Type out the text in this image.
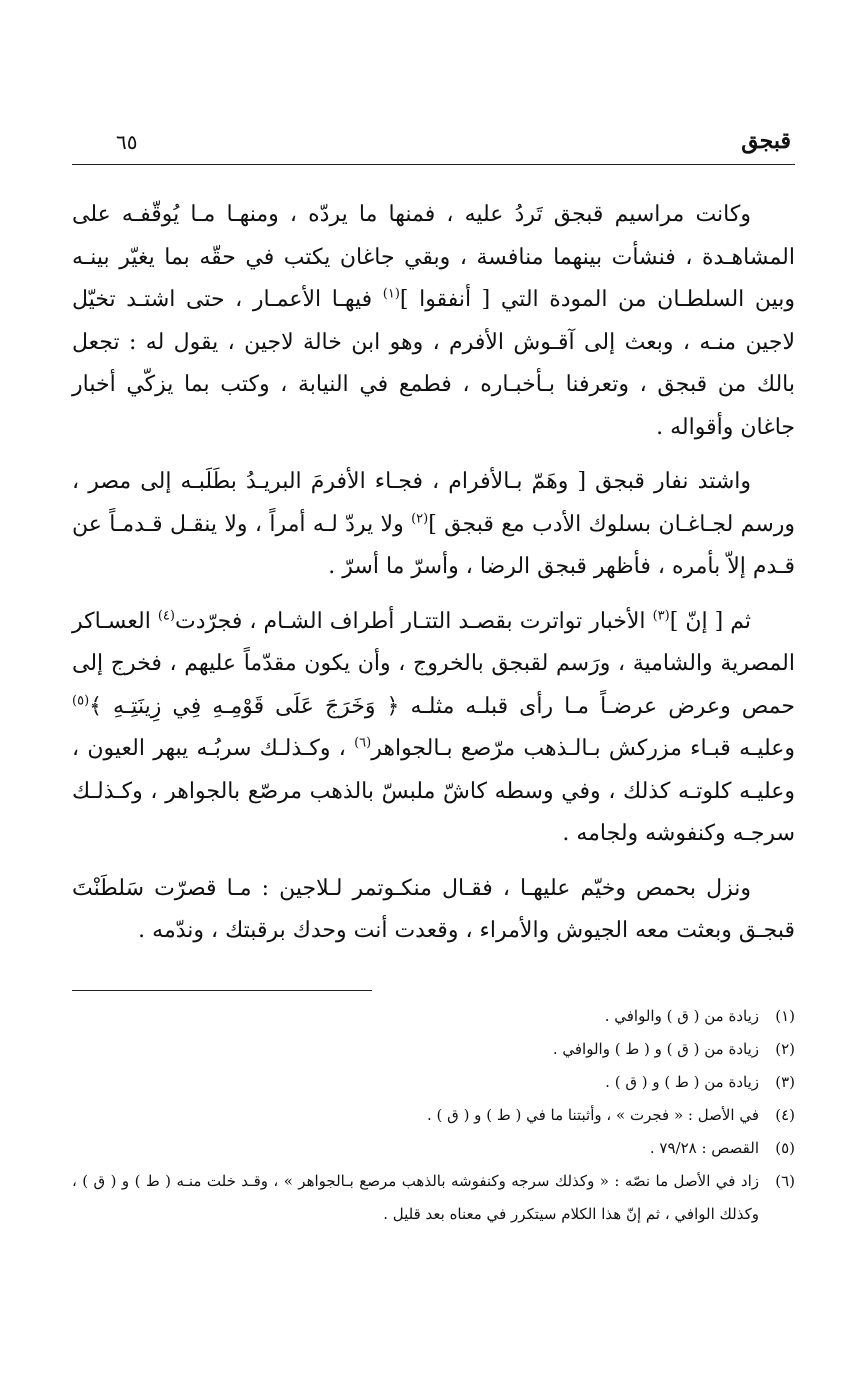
قبجق
٦٥

وكانت مراسيم قبجق تَردُ عليه ، فمنها ما يردّه ، ومنهـا مـا يُوقّفـه على المشاهـدة ، فنشأت بينهما منافسة ، وبقي جاغان يكتب في حقّه بما يغيّر بينـه وبين السلطـان من المودة التي [ أنفقوا ]$^{(١)}$ فيهـا الأعمـار ، حتى اشتـد تخيّل لاجين منـه ، وبعث إلى آقـوش الأفرم ، وهو ابن خالة لاجين ، يقول له : تجعل بالك من قبجق ، وتعرفنا بـأخبـاره ، فطمع في النيابة ، وكتب بما يزكّي أخبار جاغان وأقواله .

واشتد نفار قبجق [ وهَمّ بـالأفرام ، فجـاء الأفرمَ البريـدُ بطَلَبـه إلى مصر ، ورسم لجـاغـان بسلوك الأدب مع قبجق ]$^{(٢)}$ ولا يردّ لـه أمراً ، ولا ينقـل قـدمـاً عن قـدم إلاّ بأمره ، فأظهر قبجق الرضا ، وأسرّ ما أسرّ .

ثم [ إنّ ]$^{(٣)}$ الأخبار تواترت بقصـد التتـار أطراف الشـام ، فجرّدت$^{(٤)}$ العسـاكر المصرية والشامية ، ورَسم لقبجق بالخروج ، وأن يكون مقدّماً عليهم ، فخرج إلى حمص وعرض عرضـاً مـا رأى قبلـه مثلـه ﴿ وَخَرَجَ عَلَى قَوْمِـهِ فِي زِينَتِـهِ ﴾$^{(٥)}$ وعليـه قبـاء مزركش بـالـذهب مرّصع بـالجواهر$^{(٦)}$ ، وكـذلـك سربُـه يبهر العيون ، وعليـه كلوتـه كذلك ، وفي وسطه كاشّ ملبسّ بالذهب مرصّع بالجواهر ، وكـذلـك سرجـه وكنفوشه ولجامه .

ونزل بحمص وخيّم عليهـا ، فقـال منكـوتمر لـلاجين : مـا قصرّت سَلطَنْتَ قبجـق وبعثت معه الجيوش والأمراء ، وقعدت أنت وحدك برقبتك ، وندّمه .

(١)
زيادة من ( ق ) والوافي .
(٢)
زيادة من ( ق ) و ( ط ) والوافي .
(٣)
زيادة من ( ط ) و ( ق ) .
(٤)
في الأصل : « فجرت » ، وأثبتنا ما في ( ط ) و ( ق ) .
(٥)
القصص : ٧٩/٢٨ .
(٦)
زاد في الأصل ما نصّه : « وكذلك سرجه وكنفوشه بالذهب مرصع بـالجواهر » ، وقـد خلت منـه ( ط ) و ( ق ) ، وكذلك الوافي ، ثم إنّ هذا الكلام سيتكرر في معناه بعد قليل .
